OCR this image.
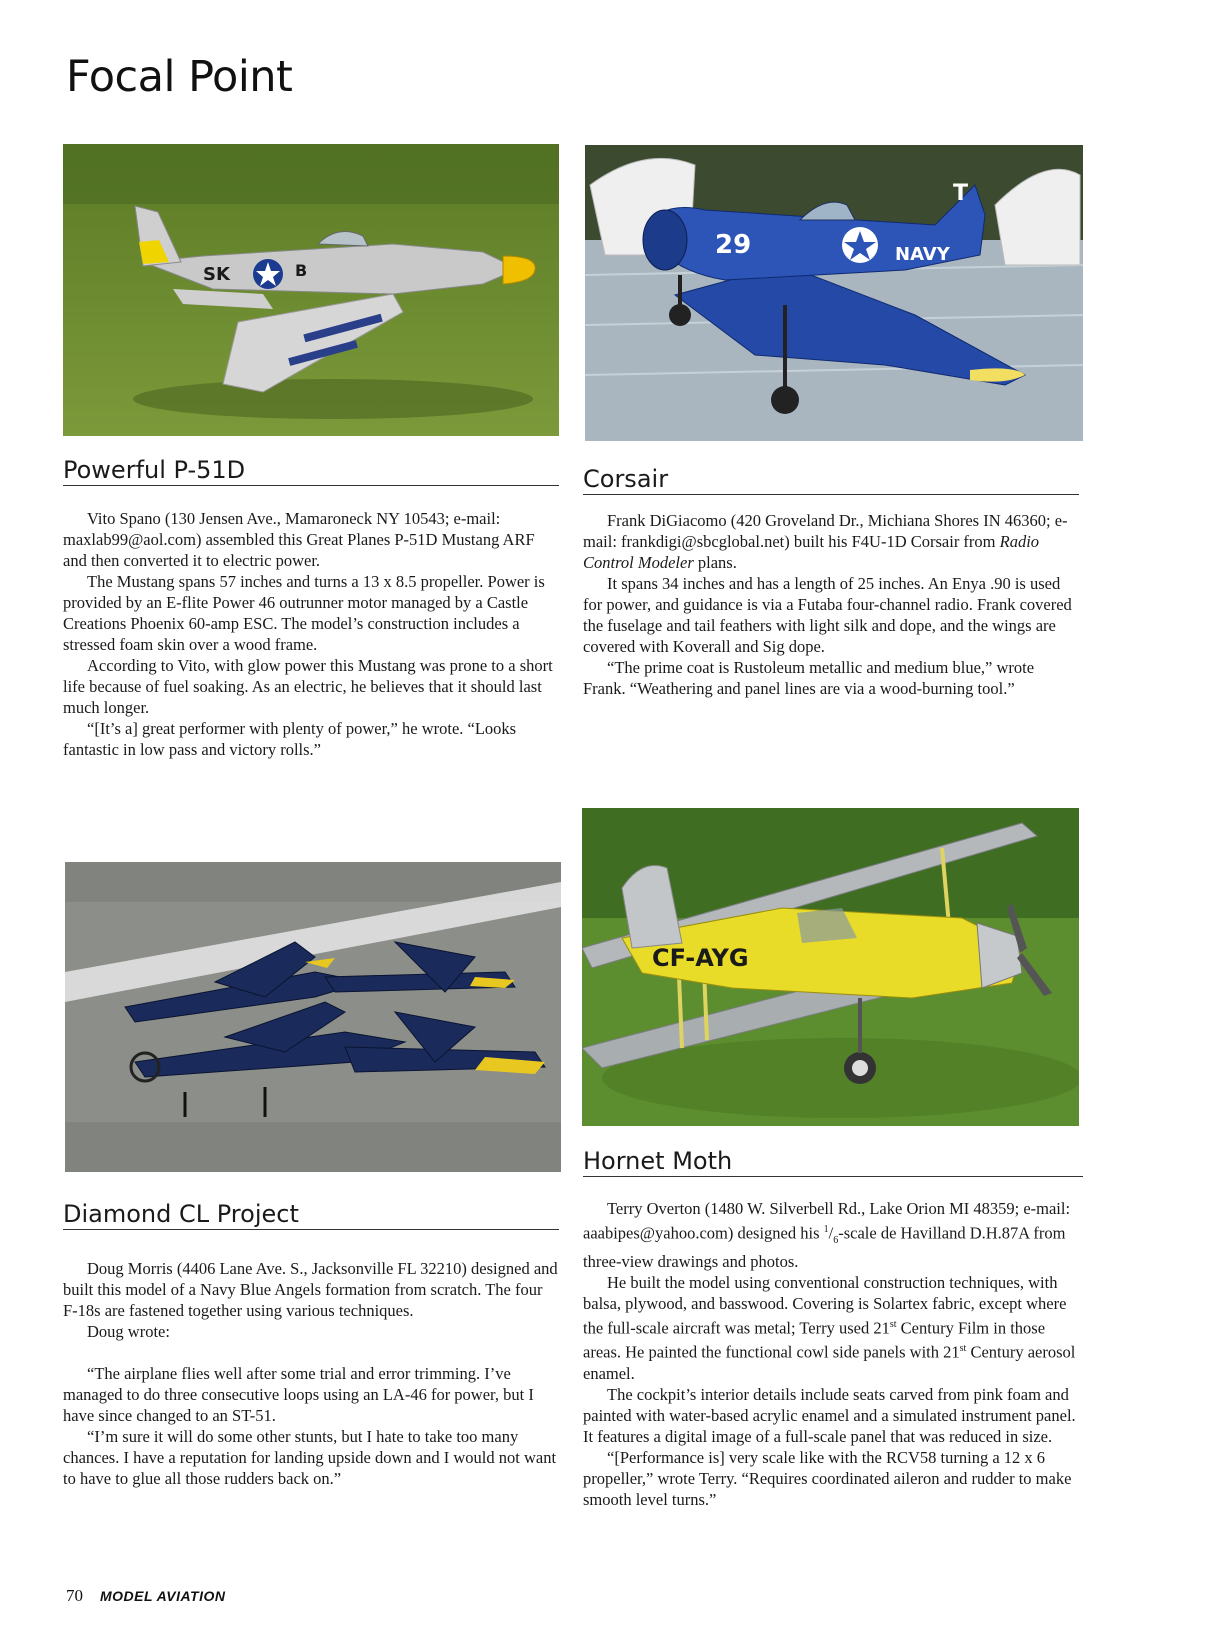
Focal Point
SK	B
29	NAVY
T
Powerful P-51D

Vito Spano (130 Jensen Ave., Mamaroneck NY 10543; e-mail: maxlab99@aol.com) assembled this Great Planes P-51D Mustang ARF and then converted it to electric power.

The Mustang spans 57 inches and turns a 13 x 8.5 propeller. Power is provided by an E-flite Power 46 outrunner motor managed by a Castle Creations Phoenix 60-amp ESC. The model’s construction includes a stressed foam skin over a wood frame.

According to Vito, with glow power this Mustang was prone to a short life because of fuel soaking. As an electric, he believes that it should last much longer.

“[It’s a] great performer with plenty of power,” he wrote. “Looks fantastic in low pass and victory rolls.”

Corsair

Frank DiGiacomo (420 Groveland Dr., Michiana Shores IN 46360; e-mail: frankdigi@sbcglobal.net) built his F4U-1D Corsair from Radio Control Modeler plans.

It spans 34 inches and has a length of 25 inches. An Enya .90 is used for power, and guidance is via a Futaba four-channel radio. Frank covered the fuselage and tail feathers with light silk and dope, and the wings are covered with Koverall and Sig dope.

“The prime coat is Rustoleum metallic and medium blue,” wrote Frank. “Weathering and panel lines are via a wood-burning tool.”

CF-AYG
Hornet Moth

Terry Overton (1480 W. Silverbell Rd., Lake Orion MI 48359; e-mail: aaabipes@yahoo.com) designed his $^1/_6$-scale de Havilland D.H.87A from three-view drawings and photos.

He built the model using conventional construction techniques, with balsa, plywood, and basswood. Covering is Solartex fabric, except where the full-scale aircraft was metal; Terry used 21st Century Film in those areas. He painted the functional cowl side panels with 21st Century aerosol enamel.

The cockpit’s interior details include seats carved from pink foam and painted with water-based acrylic enamel and a simulated instrument panel. It features a digital image of a full-scale panel that was reduced in size.

“[Performance is] very scale like with the RCV58 turning a 12 x 6 propeller,” wrote Terry. “Requires coordinated aileron and rudder to make smooth level turns.”

Diamond CL Project

Doug Morris (4406 Lane Ave. S., Jacksonville FL 32210) designed and built this model of a Navy Blue Angels formation from scratch. The four F-18s are fastened together using various techniques.

Doug wrote:

“The airplane flies well after some trial and error trimming. I’ve managed to do three consecutive loops using an LA-46 for power, but I have since changed to an ST-51.

“I’m sure it will do some other stunts, but I hate to take too many chances. I have a reputation for landing upside down and I would not want to have to glue all those rudders back on.”

70 MODEL AVIATION
